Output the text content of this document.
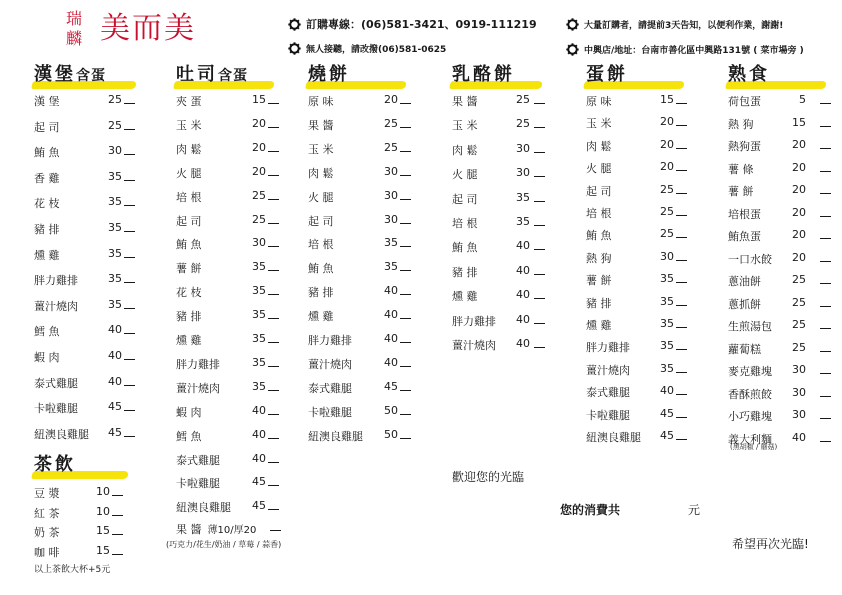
瑞
麟 美而美	訂購專線：(06)581-3421、0919-111219
無人接聽，請改撥(06)581-0625
大量訂購者，請提前3天告知，以便利作業，謝謝!
中興店/地址：台南市善化區中興路131號 ( 菜市場旁 )
漢堡含蛋	吐司含蛋	燒餅	乳酪餅	蛋餅	熟食
茶飲
漢 堡	25
起 司	25
鮪 魚	30
香 雞	35
花 枝	35
豬 排	35
燻 雞	35
胖力雞排	35
薑汁燒肉	35
鱈 魚	40
蝦 肉	40
泰式雞腿	40
卡啦雞腿	45
紐澳良雞腿	45
夾 蛋	15
玉 米	20
肉 鬆	20
火 腿	20
培 根	25
起 司	25
鮪 魚	30
薯 餅	35
花 枝	35
豬 排	35
燻 雞	35
胖力雞排	35
薑汁燒肉	35
蝦 肉	40
鱈 魚	40
泰式雞腿	40
卡啦雞腿	45
紐澳良雞腿	45
原 味	20
果 醬	25
玉 米	25
肉 鬆	30
火 腿	30
起 司	30
培 根	35
鮪 魚	35
豬 排	40
燻 雞	40
胖力雞排	40
薑汁燒肉	40
泰式雞腿	45
卡啦雞腿	50
紐澳良雞腿	50
果 醬	25
玉 米	25
肉 鬆	30
火 腿	30
起 司	35
培 根	35
鮪 魚	40
豬 排	40
燻 雞	40
胖力雞排	40
薑汁燒肉	40
原 味	15
玉 米	20
肉 鬆	20
火 腿	20
起 司	25
培 根	25
鮪 魚	25
熱 狗	30
薯 餅	35
豬 排	35
燻 雞	35
胖力雞排	35
薑汁燒肉	35
泰式雞腿	40
卡啦雞腿	45
紐澳良雞腿	45
荷包蛋	5
熱 狗	15
熱狗蛋	20
薯 條	20
薯 餅	20
培根蛋	20
鮪魚蛋	20
一口水餃	20
蔥油餅	25
蔥抓餅	25
生煎湯包	25
蘿蔔糕	25
麥克雞塊	30
香酥煎餃	30
小巧雞塊	30
義大利麵	40
豆 漿	10
紅 茶	10
奶 茶	15
咖 啡	15
果 醬 薄10 / 厚20
(巧克力/花生/奶油 / 草莓 / 蒜香)
(黑胡椒 / 蘑菇)
以上茶飲大杯+5元
歡迎您的光臨
您的消費共	元
希望再次光臨!
